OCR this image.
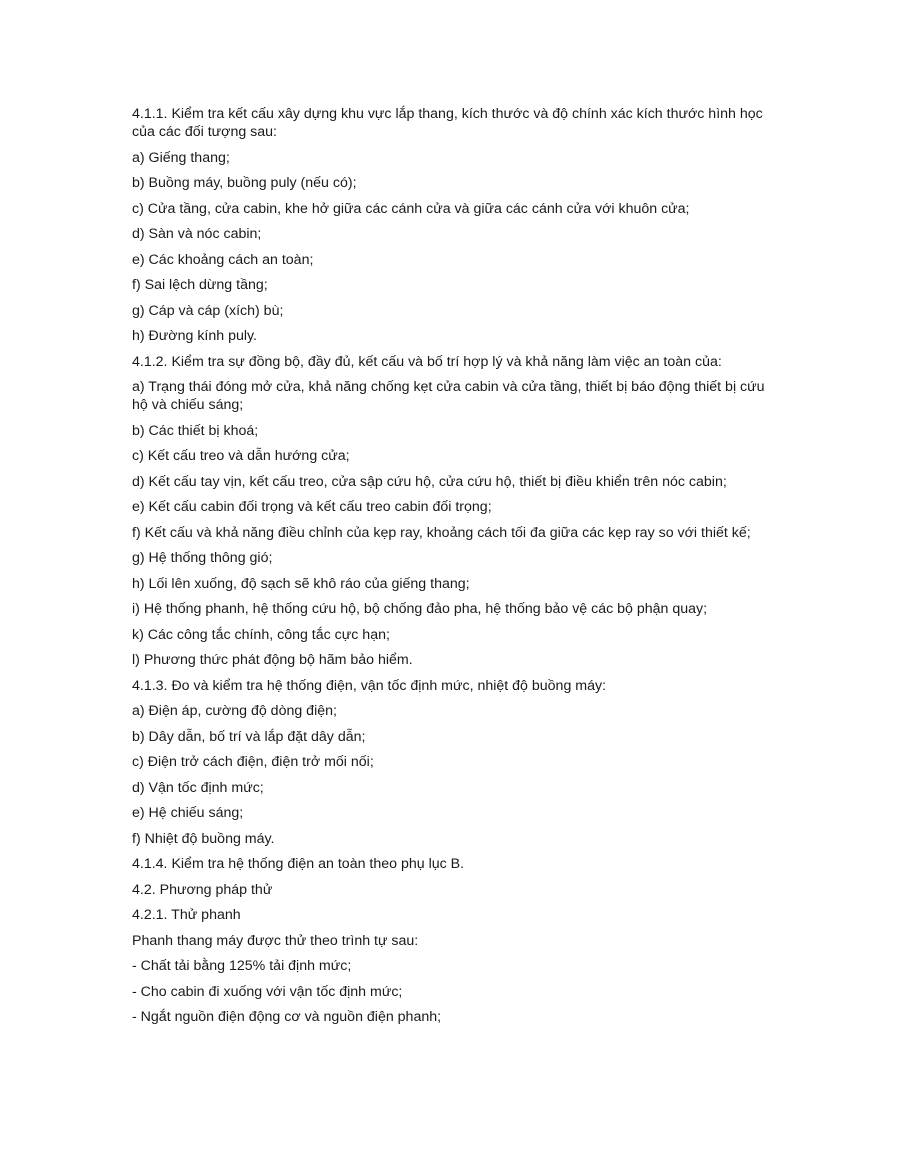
4.1.1. Kiểm tra kết cấu xây dựng khu vực lắp thang, kích thước và độ chính xác kích thước hình học của các đối tượng sau:

a) Giếng thang;

b) Buồng máy, buồng puly (nếu có);

c) Cửa tầng, cửa cabin, khe hở giữa các cánh cửa và giữa các cánh cửa với khuôn cửa;

d) Sàn và nóc cabin;

e) Các khoảng cách an toàn;

f) Sai lệch dừng tầng;

g) Cáp và cáp (xích) bù;

h) Đường kính puly.

4.1.2. Kiểm tra sự đồng bộ, đầy đủ, kết cấu và bố trí hợp lý và khả năng làm việc an toàn của:

a) Trạng thái đóng mở cửa, khả năng chống kẹt cửa cabin và cửa tầng, thiết bị báo động thiết bị cứu hộ và chiếu sáng;

b) Các thiết bị khoá;

c) Kết cấu treo và dẫn hướng cửa;

d) Kết cấu tay vịn, kết cấu treo, cửa sập cứu hộ, cửa cứu hộ, thiết bị điều khiển trên nóc cabin;

e) Kết cấu cabin đối trọng và kết cấu treo cabin đối trọng;

f) Kết cấu và khả năng điều chỉnh của kẹp ray, khoảng cách tối đa giữa các kẹp ray so với thiết kế;

g) Hệ thống thông gió;

h) Lối lên xuống, độ sạch sẽ khô ráo của giếng thang;

i) Hệ thống phanh, hệ thống cứu hộ, bộ chống đảo pha, hệ thống bảo vệ các bộ phận quay;

k) Các công tắc chính, công tắc cực hạn;

l) Phương thức phát động bộ hãm bảo hiểm.

4.1.3. Đo và kiểm tra hệ thống điện, vận tốc định mức, nhiệt độ buồng máy:

a) Điện áp, cường độ dòng điện;

b) Dây dẫn, bố trí và lắp đặt dây dẫn;

c) Điện trở cách điện, điện trở mối nối;

d) Vận tốc định mức;

e) Hệ chiếu sáng;

f) Nhiệt độ buồng máy.

4.1.4. Kiểm tra hệ thống điện an toàn theo phụ lục B.

4.2. Phương pháp thử

4.2.1. Thử phanh

Phanh thang máy được thử theo trình tự sau:

- Chất tải bằng 125% tải định mức;

- Cho cabin đi xuống với vận tốc định mức;

- Ngắt nguồn điện động cơ và nguồn điện phanh;
